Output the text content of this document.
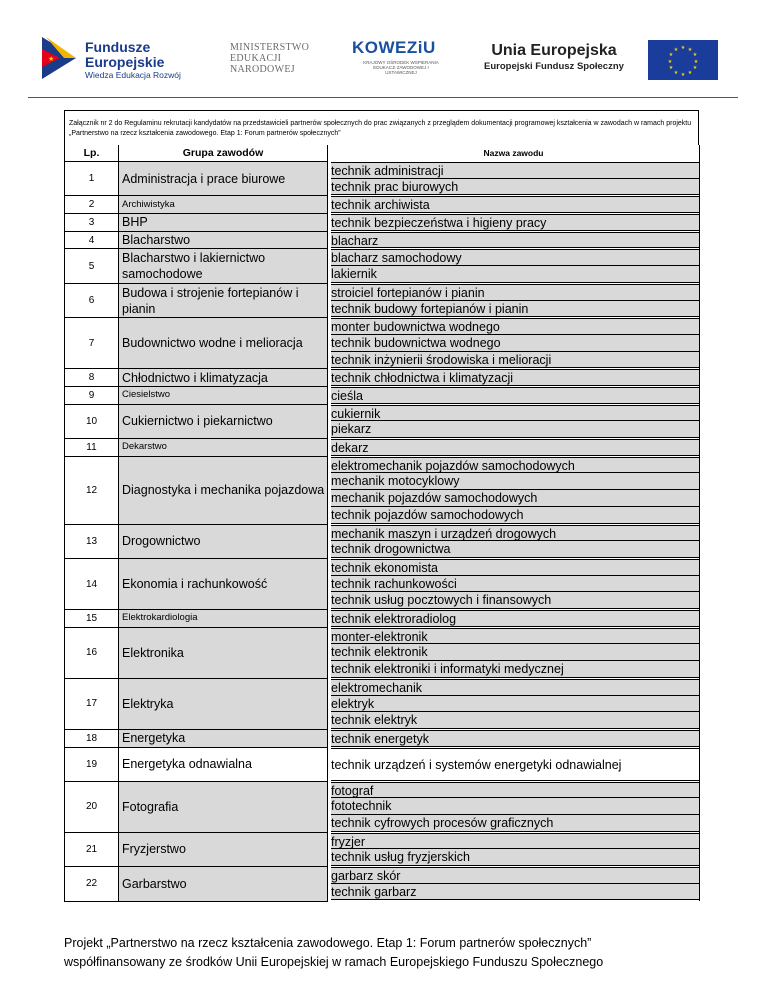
★
Fundusze Europejskie
Wiedza Edukacja Rozwój
MINISTERSTWO EDUKACJI NARODOWEJ
KOWEZiU
KRAJOWY OŚRODEK WSPIERANIA EDUKACJI ZAWODOWEJ I USTAWICZNEJ
Unia Europejska
Europejski Fundusz Społeczny
★ ★
★
★
★
★
★
★
★
★
★
★
Załącznik nr 2 do Regulaminu rekrutacji kandydatów na przedstawicieli partnerów społecznych do prac związanych z przeglądem dokumentacji programowej kształcenia w zawodach w ramach projektu „Partnerstwo na rzecz kształcenia zawodowego. Etap 1: Forum partnerów społecznych”
Lp.	Grupa zawodów	Nazwa zawodu
1	Administracja i prace biurowe	technik administracji
technik prac biurowych

2	Archiwistyka	technik archiwista

3	BHP	technik bezpieczeństwa i higieny pracy

4	Blacharstwo	blacharz

5	Blacharstwo i lakiernictwo samochodowe	blacharz samochodowy
lakiernik

6	Budowa i strojenie fortepianów i pianin	stroiciel fortepianów i pianin
technik budowy fortepianów i pianin

7	Budownictwo wodne i melioracja	monter budownictwa wodnego
technik budownictwa wodnego
technik inżynierii środowiska i melioracji

8	Chłodnictwo i klimatyzacja	technik chłodnictwa i klimatyzacji

9	Ciesielstwo	cieśla

10	Cukiernictwo i piekarnictwo	cukiernik
piekarz

11	Dekarstwo	dekarz

12	Diagnostyka i mechanika pojazdowa	elektromechanik pojazdów samochodowych
mechanik motocyklowy
mechanik pojazdów samochodowych
technik pojazdów samochodowych

13	Drogownictwo	mechanik maszyn i urządzeń drogowych
technik drogownictwa

14	Ekonomia i rachunkowość	technik ekonomista
technik rachunkowości
technik usług pocztowych i finansowych

15	Elektrokardiologia	technik elektroradiolog

16	Elektronika	monter-elektronik
technik elektronik
technik elektroniki i informatyki medycznej

17	Elektryka	elektromechanik
elektryk
technik elektryk

18	Energetyka	technik energetyk

19	Energetyka odnawialna	technik urządzeń i systemów energetyki odnawialnej

20	Fotografia	fotograf
fototechnik
technik cyfrowych procesów graficznych

21	Fryzjerstwo	fryzjer
technik usług fryzjerskich

22	Garbarstwo	garbarz skór
technik garbarz
Projekt „Partnerstwo na rzecz kształcenia zawodowego. Etap 1: Forum partnerów społecznych”
współfinansowany ze środków Unii Europejskiej w ramach Europejskiego Funduszu Społecznego
